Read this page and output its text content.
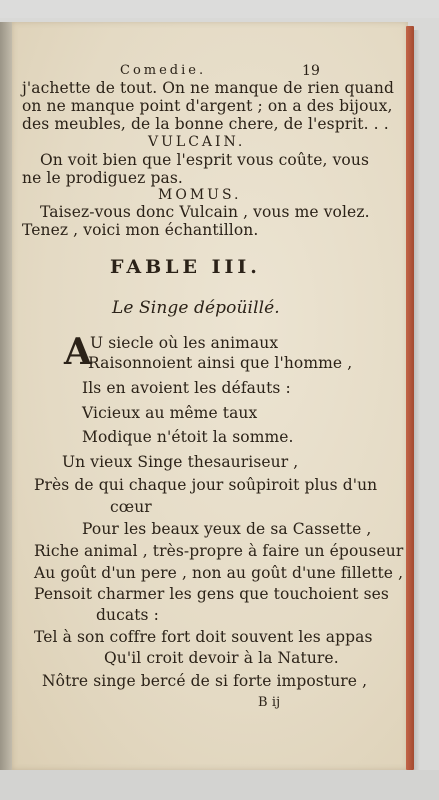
Comedie.	19
j'achette de tout. On ne manque de rien quand
on ne manque point d'argent ; on a des bijoux,
des meubles, de la bonne chere, de l'esprit. . .
VULCAIN.
On voit bien que l'esprit vous coûte, vous
ne le prodiguez pas.
MOMUS.
Taisez-vous donc Vulcain , vous me volez.
Tenez , voici mon échantillon.
FABLE III.
Le Singe dépoüillé.
A
U siecle où les animaux
Raisonnoient ainsi que l'homme ,
Ils en avoient les défauts :
Vicieux au même taux
Modique n'étoit la somme.
Un vieux Singe thesauriseur ,
Près de qui chaque jour soûpiroit plus d'un
cœur
Pour les beaux yeux de sa Cassette ,
Riche animal , très-propre à faire un épouseur
Au goût d'un pere , non au goût d'une fillette ,
Pensoit charmer les gens que touchoient ses
ducats :
Tel à son coffre fort doit souvent les appas
Qu'il croit devoir à la Nature.
Nôtre singe bercé de si forte imposture ,
B ij
